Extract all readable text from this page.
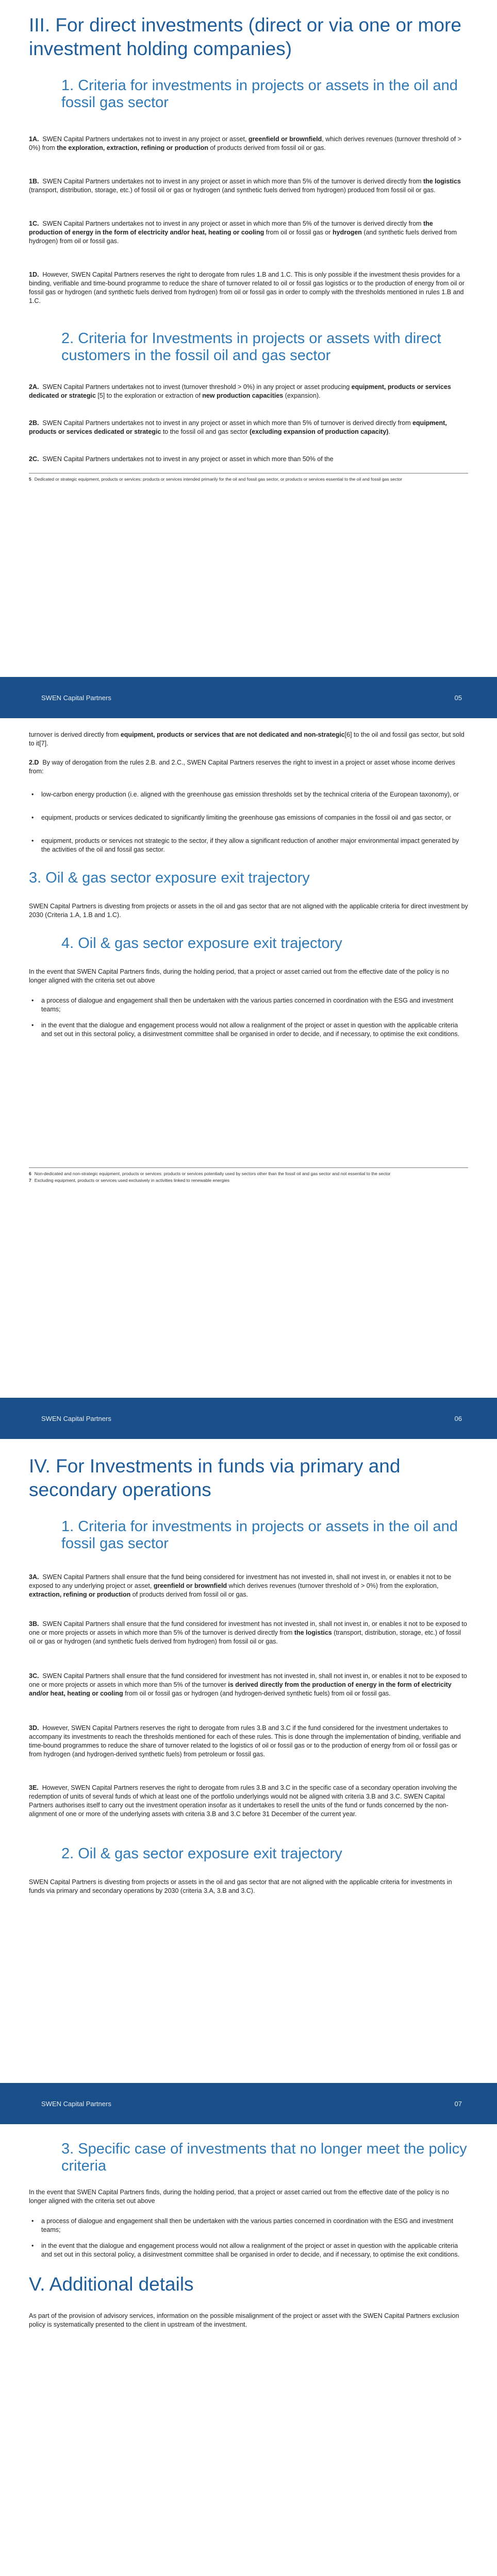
III. For direct investments (direct or via one or more investment holding companies)
1. Criteria for investments in projects or assets in the oil and fossil gas sector

1A. SWEN Capital Partners undertakes not to invest in any project or asset, greenfield or brownfield, which derives revenues (turnover threshold of > 0%) from the exploration, extraction, refining or production of products derived from fossil oil or gas.

1B. SWEN Capital Partners undertakes not to invest in any project or asset in which more than 5% of the turnover is derived directly from the logistics (transport, distribution, storage, etc.) of fossil oil or gas or hydrogen (and synthetic fuels derived from hydrogen) produced from fossil oil or gas.

1C. SWEN Capital Partners undertakes not to invest in any project or asset in which more than 5% of the turnover is derived directly from the production of energy in the form of electricity and/or heat, heating or cooling from oil or fossil gas or hydrogen (and synthetic fuels derived from hydrogen) from oil or fossil gas.

1D. However, SWEN Capital Partners reserves the right to derogate from rules 1.B and 1.C. This is only possible if the investment thesis provides for a binding, verifiable and time-bound programme to reduce the share of turnover related to oil or fossil gas logistics or to the production of energy from oil or fossil gas or hydrogen (and synthetic fuels derived from hydrogen) from oil or fossil gas in order to comply with the thresholds mentioned in rules 1.B and 1.C.

2. Criteria for Investments in projects or assets with direct customers in the fossil oil and gas sector

2A. SWEN Capital Partners undertakes not to invest (turnover threshold > 0%) in any project or asset producing equipment, products or services dedicated or strategic [5] to the exploration or extraction of new production capacities (expansion).

2B. SWEN Capital Partners undertakes not to invest in any project or asset in which more than 5% of turnover is derived directly from equipment, products or services dedicated or strategic to the fossil oil and gas sector (excluding expansion of production capacity).

2C. SWEN Capital Partners undertakes not to invest in any project or asset in which more than 50% of the

5 Dedicated or strategic equipment, products or services: products or services intended primarily for the oil and fossil gas sector, or products or services essential to the oil and fossil gas sector

SWEN Capital Partners	05

turnover is derived directly from equipment, products or services that are not dedicated and non-strategic[6] to the oil and fossil gas sector, but sold to it[7].

2.D By way of derogation from the rules 2.B. and 2.C., SWEN Capital Partners reserves the right to invest in a project or asset whose income derives from:

• low-carbon energy production (i.e. aligned with the greenhouse gas emission thresholds set by the technical criteria of the European taxonomy), or
• equipment, products or services dedicated to significantly limiting the greenhouse gas emissions of companies in the fossil oil and gas sector, or
• equipment, products or services not strategic to the sector, if they allow a significant reduction of another major environmental impact generated by the activities of the oil and fossil gas sector.
3. Oil & gas sector exposure exit trajectory

SWEN Capital Partners is divesting from projects or assets in the oil and gas sector that are not aligned with the applicable criteria for direct investment by 2030 (Criteria 1.A, 1.B and 1.C).

4. Oil & gas sector exposure exit trajectory

In the event that SWEN Capital Partners finds, during the holding period, that a project or asset carried out from the effective date of the policy is no longer aligned with the criteria set out above

• a process of dialogue and engagement shall then be undertaken with the various parties concerned in coordination with the ESG and investment teams;
• in the event that the dialogue and engagement process would not allow a realignment of the project or asset in question with the applicable criteria and set out in this sectoral policy, a disinvestment committee shall be organised in order to decide, and if necessary, to optimise the exit conditions.

6 Non-dedicated and non-strategic equipment, products or services: products or services potentially used by sectors other than the fossil oil and gas sector and not essential to the sector

7 Excluding equipment, products or services used exclusively in activities linked to renewable energies

SWEN Capital Partners	06
IV. For Investments in funds via primary and secondary operations
1. Criteria for investments in projects or assets in the oil and fossil gas sector

3A. SWEN Capital Partners shall ensure that the fund being considered for investment has not invested in, shall not invest in, or enables it not to be exposed to any underlying project or asset, greenfield or brownfield which derives revenues (turnover threshold of > 0%) from the exploration, extraction, refining or production of products derived from fossil oil or gas.

3B. SWEN Capital Partners shall ensure that the fund considered for investment has not invested in, shall not invest in, or enables it not to be exposed to one or more projects or assets in which more than 5% of the turnover is derived directly from the logistics (transport, distribution, storage, etc.) of fossil oil or gas or hydrogen (and synthetic fuels derived from hydrogen) from fossil oil or gas.

3C. SWEN Capital Partners shall ensure that the fund considered for investment has not invested in, shall not invest in, or enables it not to be exposed to one or more projects or assets in which more than 5% of the turnover is derived directly from the production of energy in the form of electricity and/or heat, heating or cooling from oil or fossil gas or hydrogen (and hydrogen-derived synthetic fuels) from oil or fossil gas.

3D. However, SWEN Capital Partners reserves the right to derogate from rules 3.B and 3.C if the fund considered for the investment undertakes to accompany its investments to reach the thresholds mentioned for each of these rules. This is done through the implementation of binding, verifiable and time-bound programmes to reduce the share of turnover related to the logistics of oil or fossil gas or to the production of energy from oil or fossil gas or from hydrogen (and hydrogen-derived synthetic fuels) from petroleum or fossil gas.

3E. However, SWEN Capital Partners reserves the right to derogate from rules 3.B and 3.C in the specific case of a secondary operation involving the redemption of units of several funds of which at least one of the portfolio underlyings would not be aligned with criteria 3.B and 3.C. SWEN Capital Partners authorises itself to carry out the investment operation insofar as it undertakes to resell the units of the fund or funds concerned by the non-alignment of one or more of the underlying assets with criteria 3.B and 3.C before 31 December of the current year.

2. Oil & gas sector exposure exit trajectory

SWEN Capital Partners is divesting from projects or assets in the oil and gas sector that are not aligned with the applicable criteria for investments in funds via primary and secondary operations by 2030 (criteria 3.A, 3.B and 3.C).

SWEN Capital Partners	07
3. Specific case of investments that no longer meet the policy criteria

In the event that SWEN Capital Partners finds, during the holding period, that a project or asset carried out from the effective date of the policy is no longer aligned with the criteria set out above

• a process of dialogue and engagement shall then be undertaken with the various parties concerned in coordination with the ESG and investment teams;
• in the event that the dialogue and engagement process would not allow a realignment of the project or asset in question with the applicable criteria and set out in this sectoral policy, a disinvestment committee shall be organised in order to decide, and if necessary, to optimise the exit conditions.
V. Additional details

As part of the provision of advisory services, information on the possible misalignment of the project or asset with the SWEN Capital Partners exclusion policy is systematically presented to the client in upstream of the investment.
